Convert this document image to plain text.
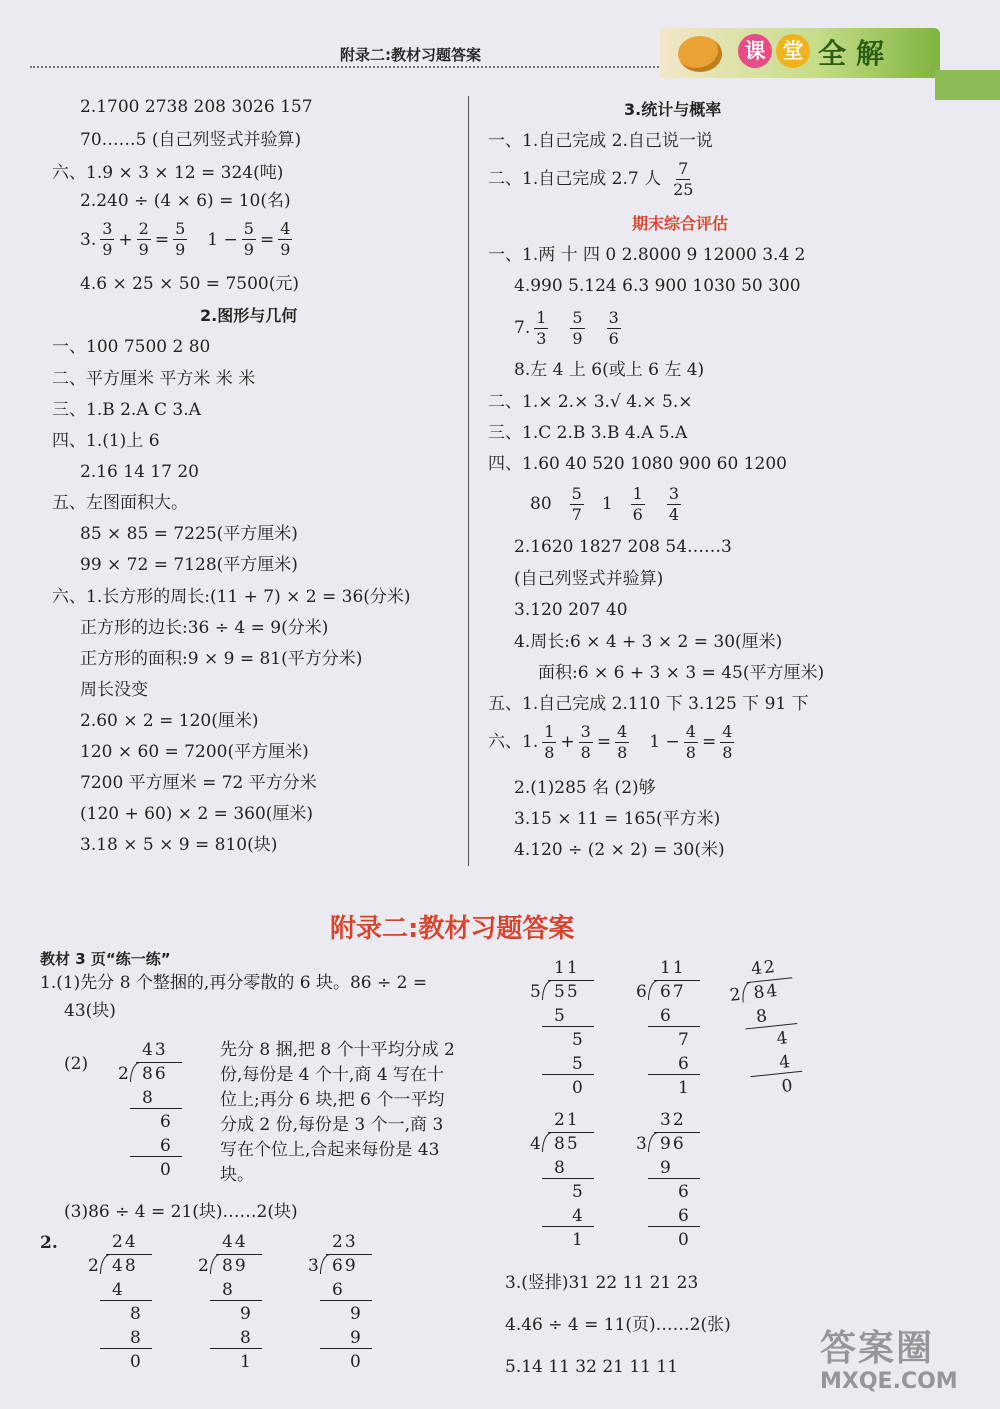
附录二:教材习题答案	课 堂 全 解
2.1700 2738 208 3026 157
70……5 (自己列竖式并验算)
六、1.9 × 3 × 12 = 324(吨)
2.240 ÷ (4 × 6) = 10(名)
3. $\frac{3}{9} + \frac{2}{9} = \frac{5}{9} 1 - \frac{5}{9} = \frac{4}{9}$
4.6 × 25 × 50 = 7500(元)
2.图形与几何
一、100 7500 2 80
二、平方厘米 平方米 米 米
三、1.B 2.A C 3.A
四、1.(1)上 6
2.16 14 17 20
五、左图面积大。
85 × 85 = 7225(平方厘米)
99 × 72 = 7128(平方厘米)
六、1.长方形的周长:(11 + 7) × 2 = 36(分米)
正方形的边长:36 ÷ 4 = 9(分米)
正方形的面积:9 × 9 = 81(平方分米)
周长没变
2.60 × 2 = 120(厘米)
120 × 60 = 7200(平方厘米)
7200 平方厘米 = 72 平方分米
(120 + 60) × 2 = 360(厘米)
3.18 × 5 × 9 = 810(块)
3.统计与概率
一、1.自己完成 2.自己说一说
二、1.自己完成 2.7 人 $\frac{7}{25}$
期末综合评估
一、1.两 十 四 0 2.8000 9 12000 3.4 2
4.990 5.124 6.3 900 1030 50 300
7. $\frac{1}{3} \frac{5}{9} \frac{3}{6}$
8.左 4 上 6(或上 6 左 4)
二、1.× 2.× 3.√ 4.× 5.×
三、1.C 2.B 3.B 4.A 5.A
四、1.60 40 520 1080 900 60 1200
$80 \frac{5}{7} 1 \frac{1}{6} \frac{3}{4}$
2.1620 1827 208 54……3
(自己列竖式并验算)
3.120 207 40
4.周长:6 × 4 + 3 × 2 = 30(厘米)
面积:6 × 6 + 3 × 3 = 45(平方厘米)
五、1.自己完成 2.110 下 3.125 下 91 下
六、1. $\frac{1}{8} + \frac{3}{8} = \frac{4}{8} 1 - \frac{4}{8} = \frac{4}{8}$
2.(1)285 名 (2)够
3.15 × 11 = 165(平方米)
4.120 ÷ (2 × 2) = 30(米)
附录二:教材习题答案
教材 3 页“练一练”
1.(1)先分 8 个整捆的,再分零散的 6 块。86 ÷ 2 =
43(块)
(2)
先分 8 捆,把 8 个十平均分成 2
份,每份是 4 个十,商 4 写在十
位上;再分 6 块,把 6 个一平均
分成 2 份,每份是 3 个一,商 3
写在个位上,合起来每份是 43
块。
(3)86 ÷ 4 = 21(块)……2(块)
2.
3.(竖排)31 22 11 21 23
4.46 ÷ 4 = 11(页)……2(张)
5.14 11 32 21 11 11
43
2 86
8
6
6
0
24
2 48
4
8
8
0
44
2 89
8
9
8
1
23
3 69
6
9
9
0
11
5 55
5
5
5
0
11
6 67
6
7
6
1
42
2 84
8
4
4
0
21
4 85
8
5
4
1
32
3 96
9
6
6
0
答案圈
MXQE.COM
